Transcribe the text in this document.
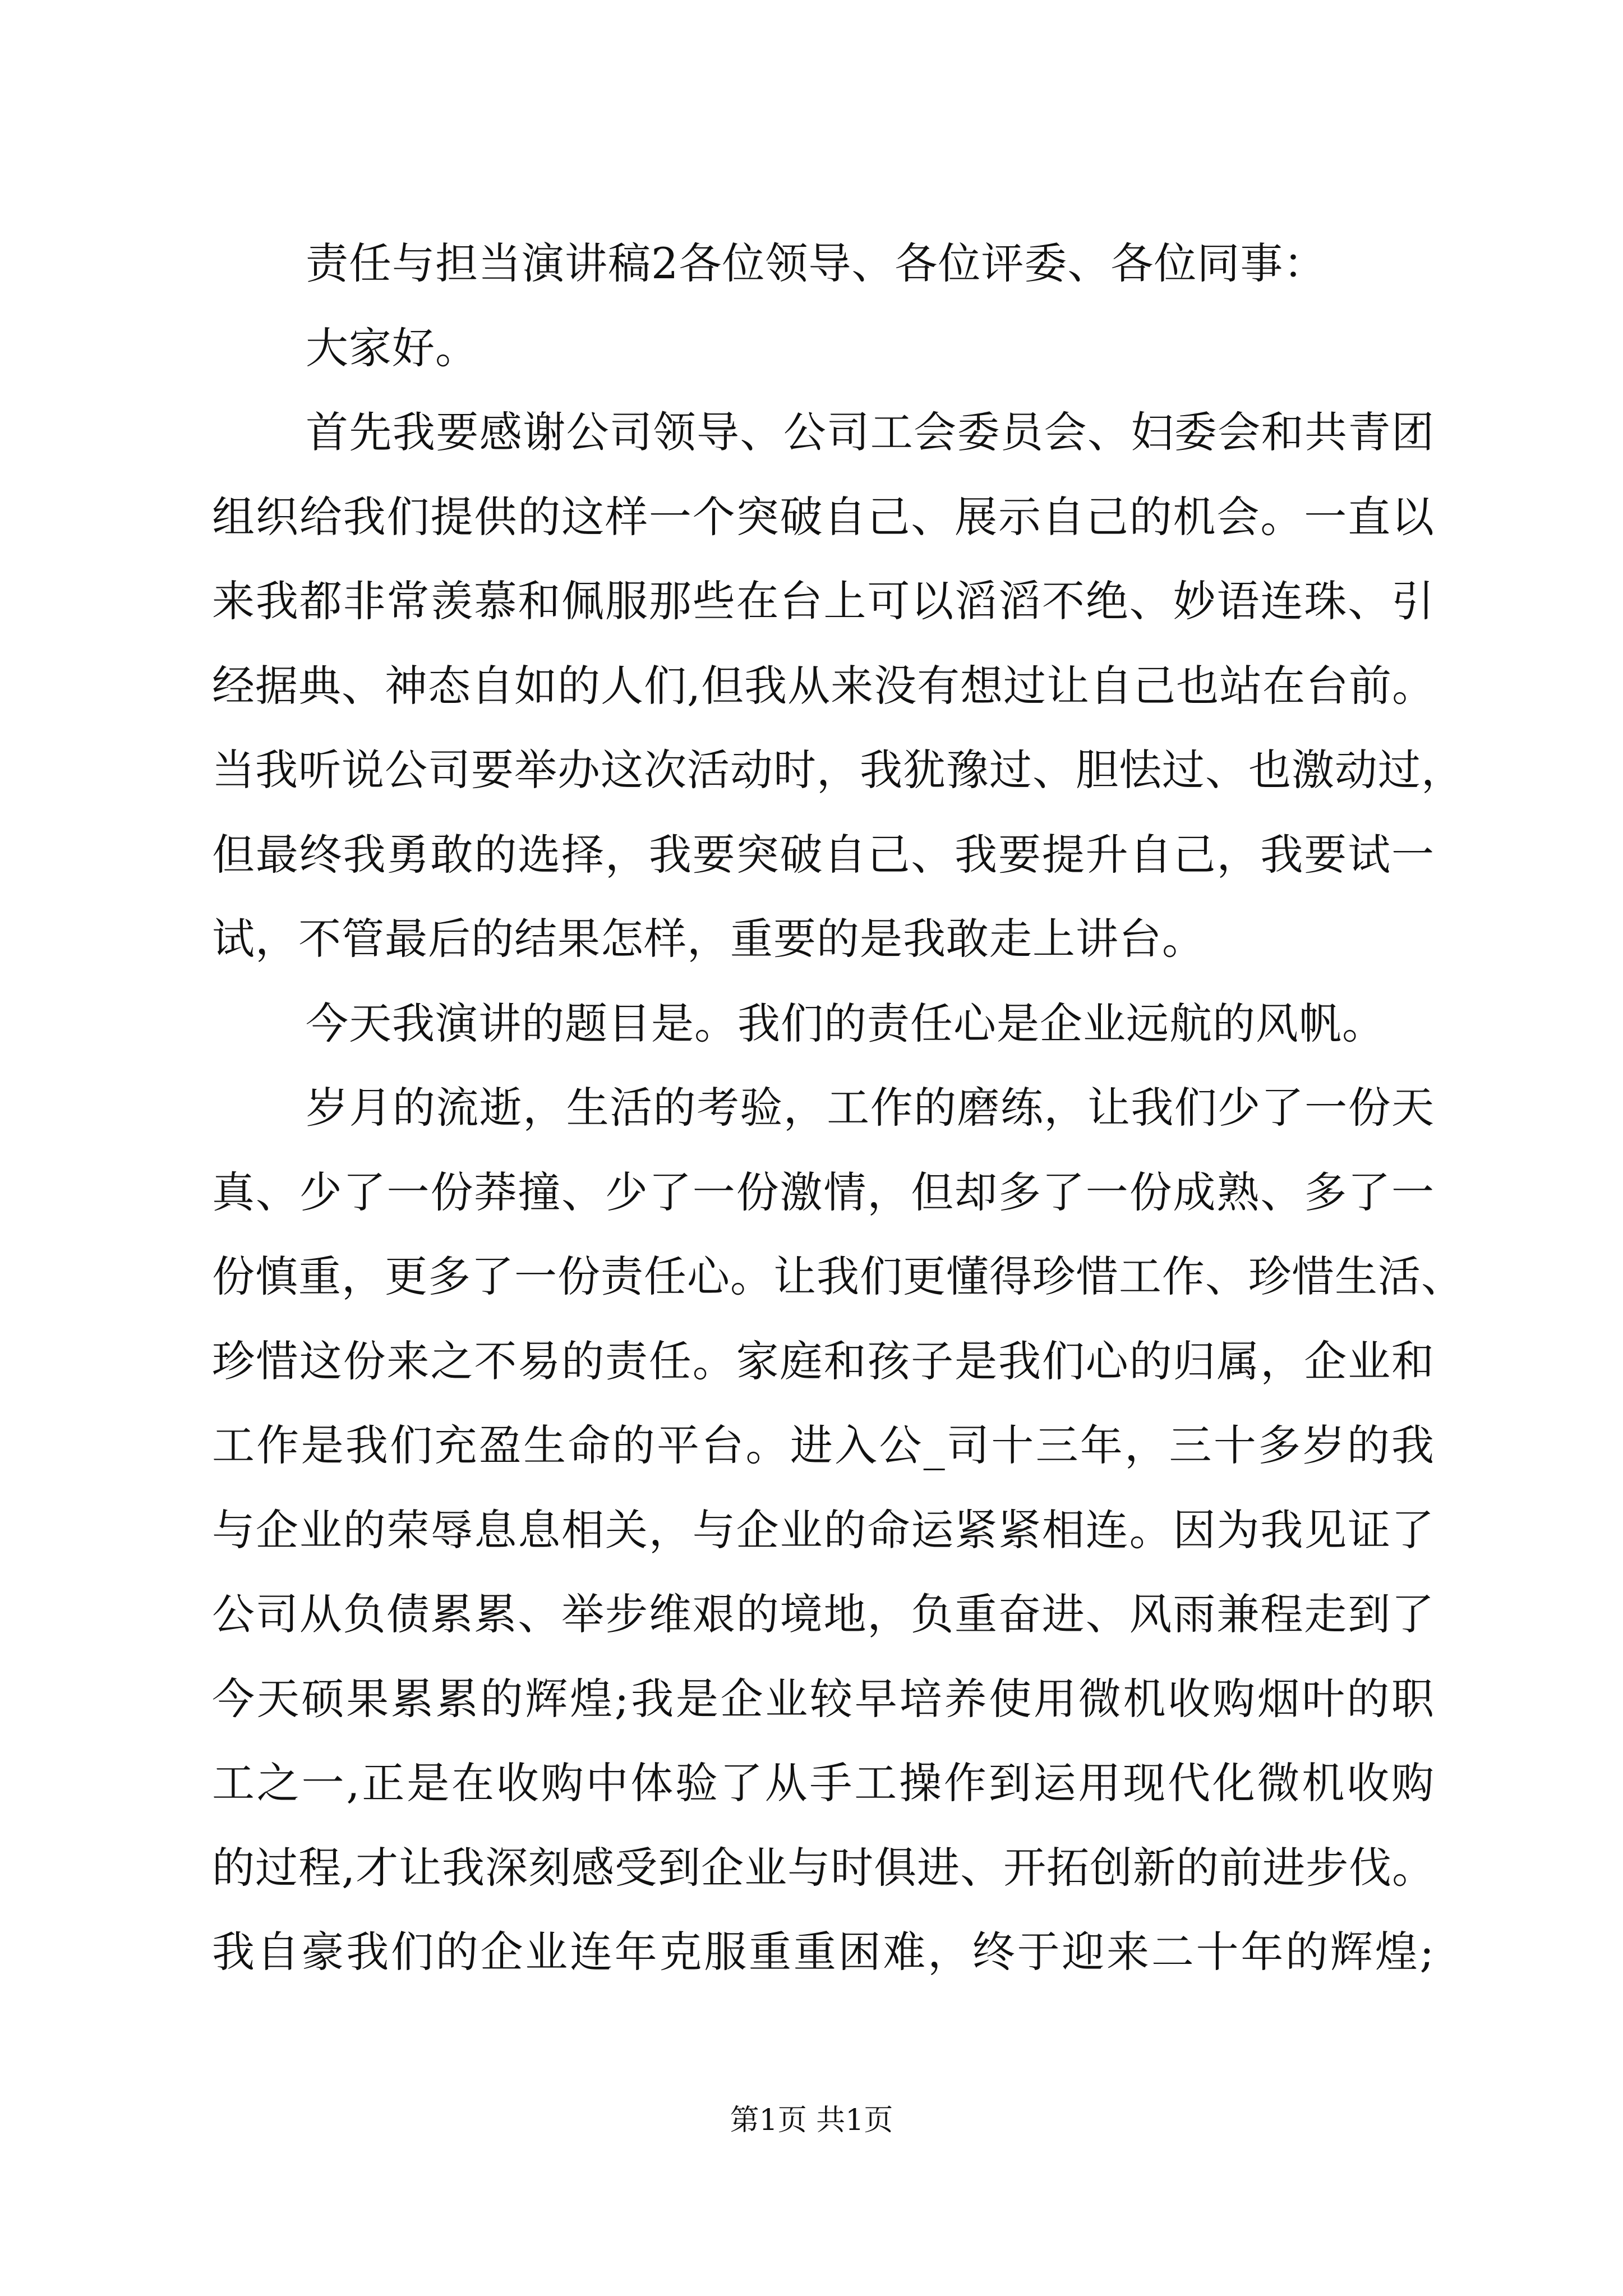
责任与担当演讲稿2各位领导、各位评委、各位同事：
大家好。
首先我要感谢公司领导、公司工会委员会、妇委会和共青团
组织给我们提供的这样一个突破自己、展示自己的机会。一直以
来我都非常羡慕和佩服那些在台上可以滔滔不绝、妙语连珠、引
经据典、神态自如的人们,但我从来没有想过让自己也站在台前。
当我听说公司要举办这次活动时，我犹豫过、胆怯过、也激动过，
但最终我勇敢的选择，我要突破自己、我要提升自己，我要试一
试，不管最后的结果怎样，重要的是我敢走上讲台。
今天我演讲的题目是。我们的责任心是企业远航的风帆。
岁月的流逝，生活的考验，工作的磨练，让我们少了一份天
真、少了一份莽撞、少了一份激情，但却多了一份成熟、多了一
份慎重，更多了一份责任心。让我们更懂得珍惜工作、珍惜生活、
珍惜这份来之不易的责任。家庭和孩子是我们心的归属，企业和
工作是我们充盈生命的平台。进入公_司十三年，三十多岁的我
与企业的荣辱息息相关，与企业的命运紧紧相连。因为我见证了
公司从负债累累、举步维艰的境地，负重奋进、风雨兼程走到了
今天硕果累累的辉煌;我是企业较早培养使用微机收购烟叶的职
工之一,正是在收购中体验了从手工操作到运用现代化微机收购
的过程,才让我深刻感受到企业与时俱进、开拓创新的前进步伐。
我自豪我们的企业连年克服重重困难，终于迎来二十年的辉煌;
第1页 共1页
